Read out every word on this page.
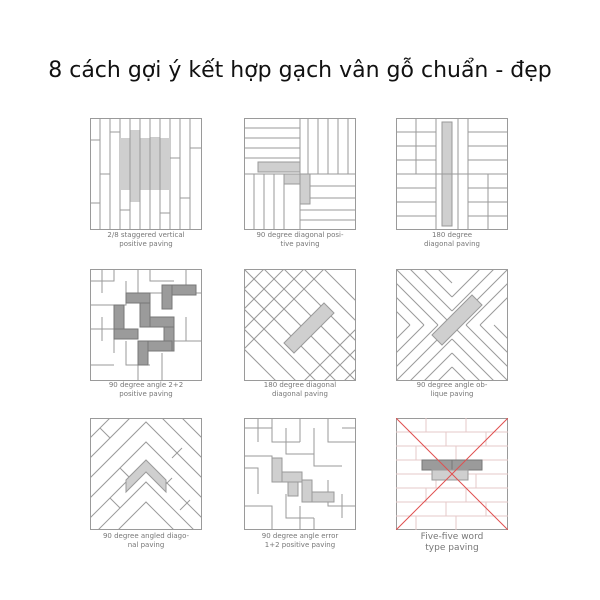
8 cách gợi ý kết hợp gạch vân gỗ chuẩn - đẹp
2/8 staggered vertical
positive paving
90 degree diagonal posi-
tive paving
180 degree
diagonal paving
90 degree angle 2+2
positive paving
180 degree diagonal
diagonal paving
90 degree angle ob-
lique paving
90 degree angled diago-
nal paving
90 degree angle error
1+2 positive paving
Five-five word
type paving
